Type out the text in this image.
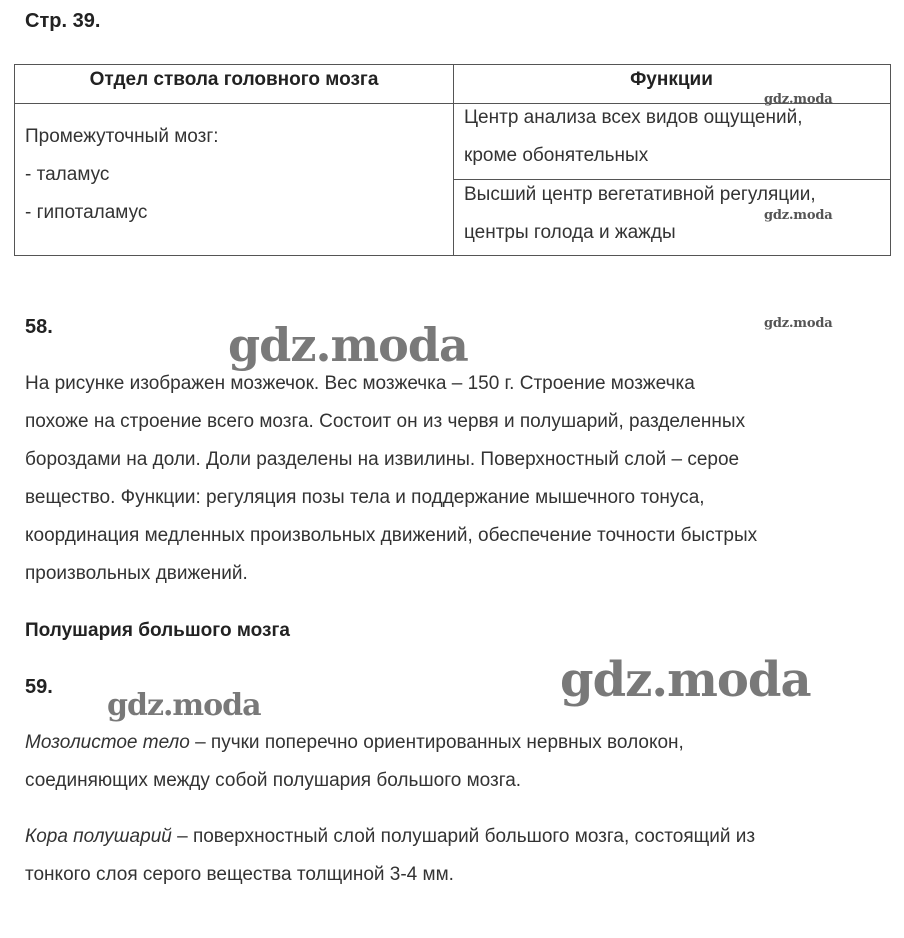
Стр. 39.
Отдел ствола головного мозга	Функции
Промежуточный мозг:
- таламус
- гипоталамус
Центр анализа всех видов ощущений,
кроме обонятельных
Высший центр вегетативной регуляции,
центры голода и жажды
58.
На рисунке изображен мозжечок. Вес мозжечка – 150 г. Строение мозжечка
похоже на строение всего мозга. Состоит он из червя и полушарий, разделенных
бороздами на доли. Доли разделены на извилины. Поверхностный слой – серое
вещество. Функции: регуляция позы тела и поддержание мышечного тонуса,
координация медленных произвольных движений, обеспечение точности быстрых
произвольных движений.
Полушария большого мозга
59.
Мозолистое тело – пучки поперечно ориентированных нервных волокон,
соединяющих между собой полушария большого мозга.
Кора полушарий – поверхностный слой полушарий большого мозга, состоящий из
тонкого слоя серого вещества толщиной 3-4 мм.
gdz.moda
gdz.moda
gdz.moda
gdz.moda
gdz.moda
gdz.moda
